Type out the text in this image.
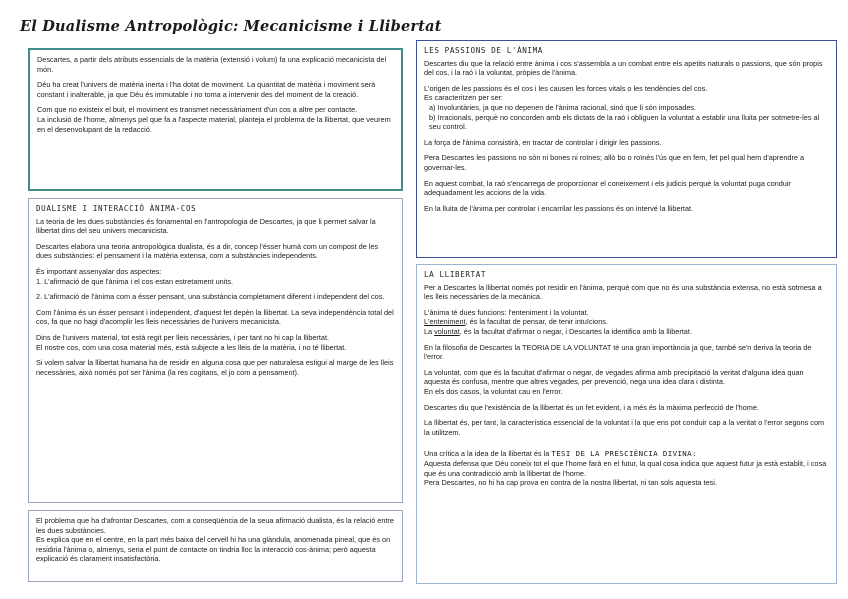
El Dualisme Antropològic: Mecanicisme i Llibertat

Descartes, a partir dels atributs essencials de la matèria (extensió i volum) fa una explicació mecanicista del món.

Déu ha creat l'univers de matèria inerta i l'ha dotat de moviment. La quantitat de matèria i moviment serà constant i inalterable, ja que Déu és immutable i no toma a intervenir des del moment de la creació.

Com que no existeix el buit, el moviment es transmet necessàriament d'un cos a altre per contacte.
La inclusió de l'home, almenys pel que fa a l'aspecte material, planteja el problema de la llibertat, que veurem en el desenvolupant de la redacció.

DUALISME I INTERACCIÓ ÀNIMA-COS

La teoria de les dues substàncies és fonamental en l'antropologia de Descartes, ja que li permet salvar la llibertat dins del seu univers mecanicista.

Descartes elabora una teoria antropològica dualista, és a dir, concep l'ésser humà com un compost de les dues substàncies: el pensament i la matèria extensa, com a substàncies independents.

És important assenyalar dos aspectes:
1. L'afirmació de que l'ànima i el cos estan estretament units.

2. L'afirmació de l'ànima com a ésser pensant, una substància completament diferent i independent del cos.

Com l'ànima és un ésser pensant i independent, d'aquest fet depèn la llibertat. La seva independència total del cos, fa que no hagi d'acomplir les lleis necessàries de l'univers mecanicista.

Dins de l'univers material, tot està regit per lleis necessàries, i per tant no hi cap la llibertat.
El nostre cos, com una cosa material més, està subjecte a les lleis de la matèria, i no té llibertat.

Si volem salvar la llibertat humana ha de residir en alguna cosa que per naturalesa estigui al marge de les lleis necessàries, això només pot ser l'ànima (la res cogitans, el jo com a pensament).

El problema que ha d'afrontar Descartes, com a conseqüència de la seua afirmació dualista, és la relació entre les dues substàncies.
Es explica que en el centre, en la part més baixa del cervell hi ha una glàndula, anomenada pineal, que és on residiria l'ànima o, almenys, seria el punt de contacte on tindria lloc la interacció cos-ànima; però aquesta explicació és clarament insatisfactòria.

LES PASSIONS DE L'ÀNIMA

Descartes diu que la relació entre ànima i cos s'assembla a un combat entre els apetits naturals o passions, que són propis del cos, i la raó i la voluntat, pròpies de l'ànima.

L'origen de les passions és el cos i les causen les forces vitals o les tendències del cos.
Es caracteritzen per ser:
a) Involuntàries, ja que no depenen de l'ànima racional, sinó que li són imposades.
b) Irracionals, perquè no concorden amb els dictats de la raó i obliguen la voluntat a establir una lluita per sotmetre-les al seu control.

La força de l'ànima consistirà, en tractar de controlar i dirigir les passions.

Pera Descartes les passions no són ni bones ni roïnes; allò bo o roïnés l'ús que en fem, fet pel qual hem d'aprendre a governar-les.

En aquest combat, la raó s'encarrega de proporcionar el coneixement i els judicis perquè la voluntat puga conduir adequadament les accions de la vida.

En la lluita de l'ànima per controlar i encarrilar les passions és on intervé la llibertat.

LA LLIBERTAT

Per a Descartes la llibertat només pot residir en l'ànima, perquè com que no és una substància extensa, no està sotmesa a les lleis necessàries de la mecànica.

L'ànima té dues funcions: l'enteniment i la voluntat.
L'enteniment, és la facultat de pensar, de tenir intuïcions.
La voluntat, és la facultat d'afirmar o negar, i Descartes la identifica amb la llibertat.

En la filosofia de Descartes la TEORIA DE LA VOLUNTAT té una gran importància ja que, també se'n deriva la teoria de l'error.

La voluntat, com que és la facultat d'afirmar o negar, de vegades afirma amb precipitació la veritat d'alguna idea quan aquesta és confusa, mentre que altres vegades, per prevenció, nega una idea clara i distinta.
En els dos casos, la voluntat cau en l'error.

Descartes diu que l'existència de la llibertat és un fet evident, i a més és la màxima perfecció de l'home.

La llibertat és, per tant, la característica essencial de la voluntat i la que ens pot conduir cap a la veritat o l'error segons com la utilitzem.

Una crítica a la idea de la llibertat és la TESI DE LA PRESCIÈNCIA DIVINA:
Aquesta defensa que Déu coneix tot el que l'home farà en el futur, la qual cosa indica que aquest futur ja està establit, i cosa que és una contradicció amb la llibertat de l'home.
Pera Descartes, no hi ha cap prova en contra de la nostra llibertat, ni tan sols aquesta tesi.
